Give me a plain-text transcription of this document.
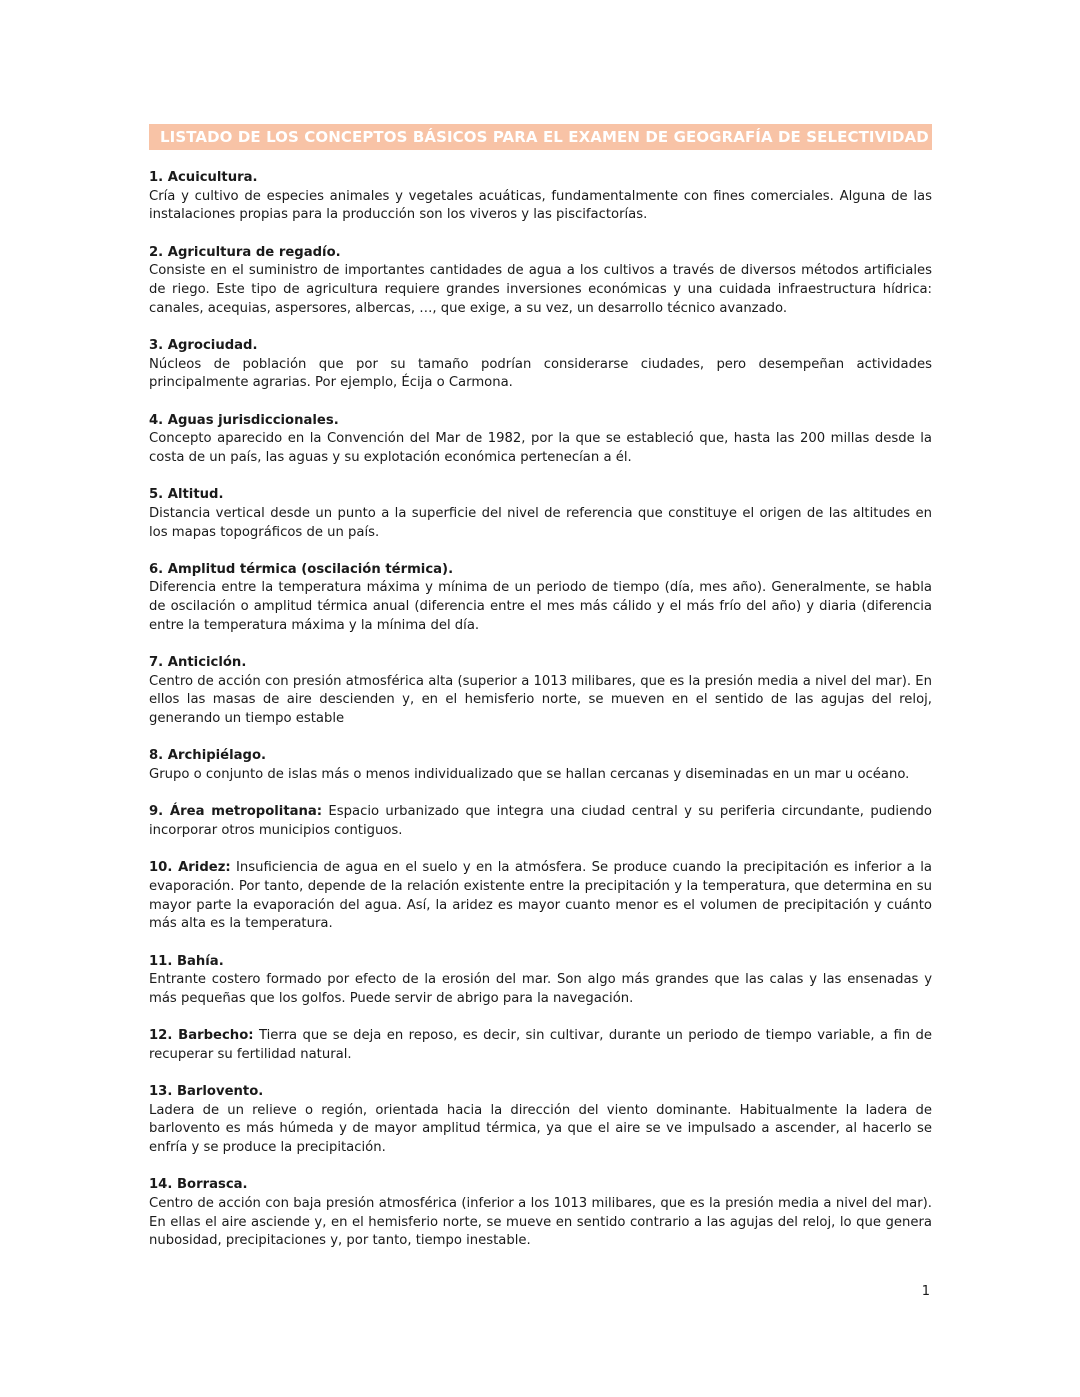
LISTADO DE LOS CONCEPTOS BÁSICOS PARA EL EXAMEN DE GEOGRAFÍA DE SELECTIVIDAD
1. Acuicultura.
Cría y cultivo de especies animales y vegetales acuáticas, fundamentalmente con fines comerciales. Alguna de las instalaciones propias para la producción son los viveros y las piscifactorías.
2. Agricultura de regadío.
Consiste en el suministro de importantes cantidades de agua a los cultivos a través de diversos métodos artificiales de riego. Este tipo de agricultura requiere grandes inversiones económicas y una cuidada infraestructura hídrica: canales, acequias, aspersores, albercas, …, que exige, a su vez, un desarrollo técnico avanzado.
3. Agrociudad.
Núcleos de población que por su tamaño podrían considerarse ciudades, pero desempeñan actividades principalmente agrarias. Por ejemplo, Écija o Carmona.
4. Aguas jurisdiccionales.
Concepto aparecido en la Convención del Mar de 1982, por la que se estableció que, hasta las 200 millas desde la costa de un país, las aguas y su explotación económica pertenecían a él.
5. Altitud.
Distancia vertical desde un punto a la superficie del nivel de referencia que constituye el origen de las altitudes en los mapas topográficos de un país.
6. Amplitud térmica (oscilación térmica).
Diferencia entre la temperatura máxima y mínima de un periodo de tiempo (día, mes año). Generalmente, se habla de oscilación o amplitud térmica anual (diferencia entre el mes más cálido y el más frío del año) y diaria (diferencia entre la temperatura máxima y la mínima del día.
7. Anticiclón.
Centro de acción con presión atmosférica alta (superior a 1013 milibares, que es la presión media a nivel del mar). En ellos las masas de aire descienden y, en el hemisferio norte, se mueven en el sentido de las agujas del reloj, generando un tiempo estable
8. Archipiélago.
Grupo o conjunto de islas más o menos individualizado que se hallan cercanas y diseminadas en un mar u océano.
9. Área metropolitana: Espacio urbanizado que integra una ciudad central y su periferia circundante, pudiendo incorporar otros municipios contiguos.
10. Aridez: Insuficiencia de agua en el suelo y en la atmósfera. Se produce cuando la precipitación es inferior a la evaporación. Por tanto, depende de la relación existente entre la precipitación y la temperatura, que determina en su mayor parte la evaporación del agua. Así, la aridez es mayor cuanto menor es el volumen de precipitación y cuánto más alta es la temperatura.
11. Bahía.
Entrante costero formado por efecto de la erosión del mar. Son algo más grandes que las calas y las ensenadas y más pequeñas que los golfos. Puede servir de abrigo para la navegación.
12. Barbecho: Tierra que se deja en reposo, es decir, sin cultivar, durante un periodo de tiempo variable, a fin de recuperar su fertilidad natural.
13. Barlovento.
Ladera de un relieve o región, orientada hacia la dirección del viento dominante. Habitualmente la ladera de barlovento es más húmeda y de mayor amplitud térmica, ya que el aire se ve impulsado a ascender, al hacerlo se enfría y se produce la precipitación.
14. Borrasca.
Centro de acción con baja presión atmosférica (inferior a los 1013 milibares, que es la presión media a nivel del mar). En ellas el aire asciende y, en el hemisferio norte, se mueve en sentido contrario a las agujas del reloj, lo que genera nubosidad, precipitaciones y, por tanto, tiempo inestable.
1
